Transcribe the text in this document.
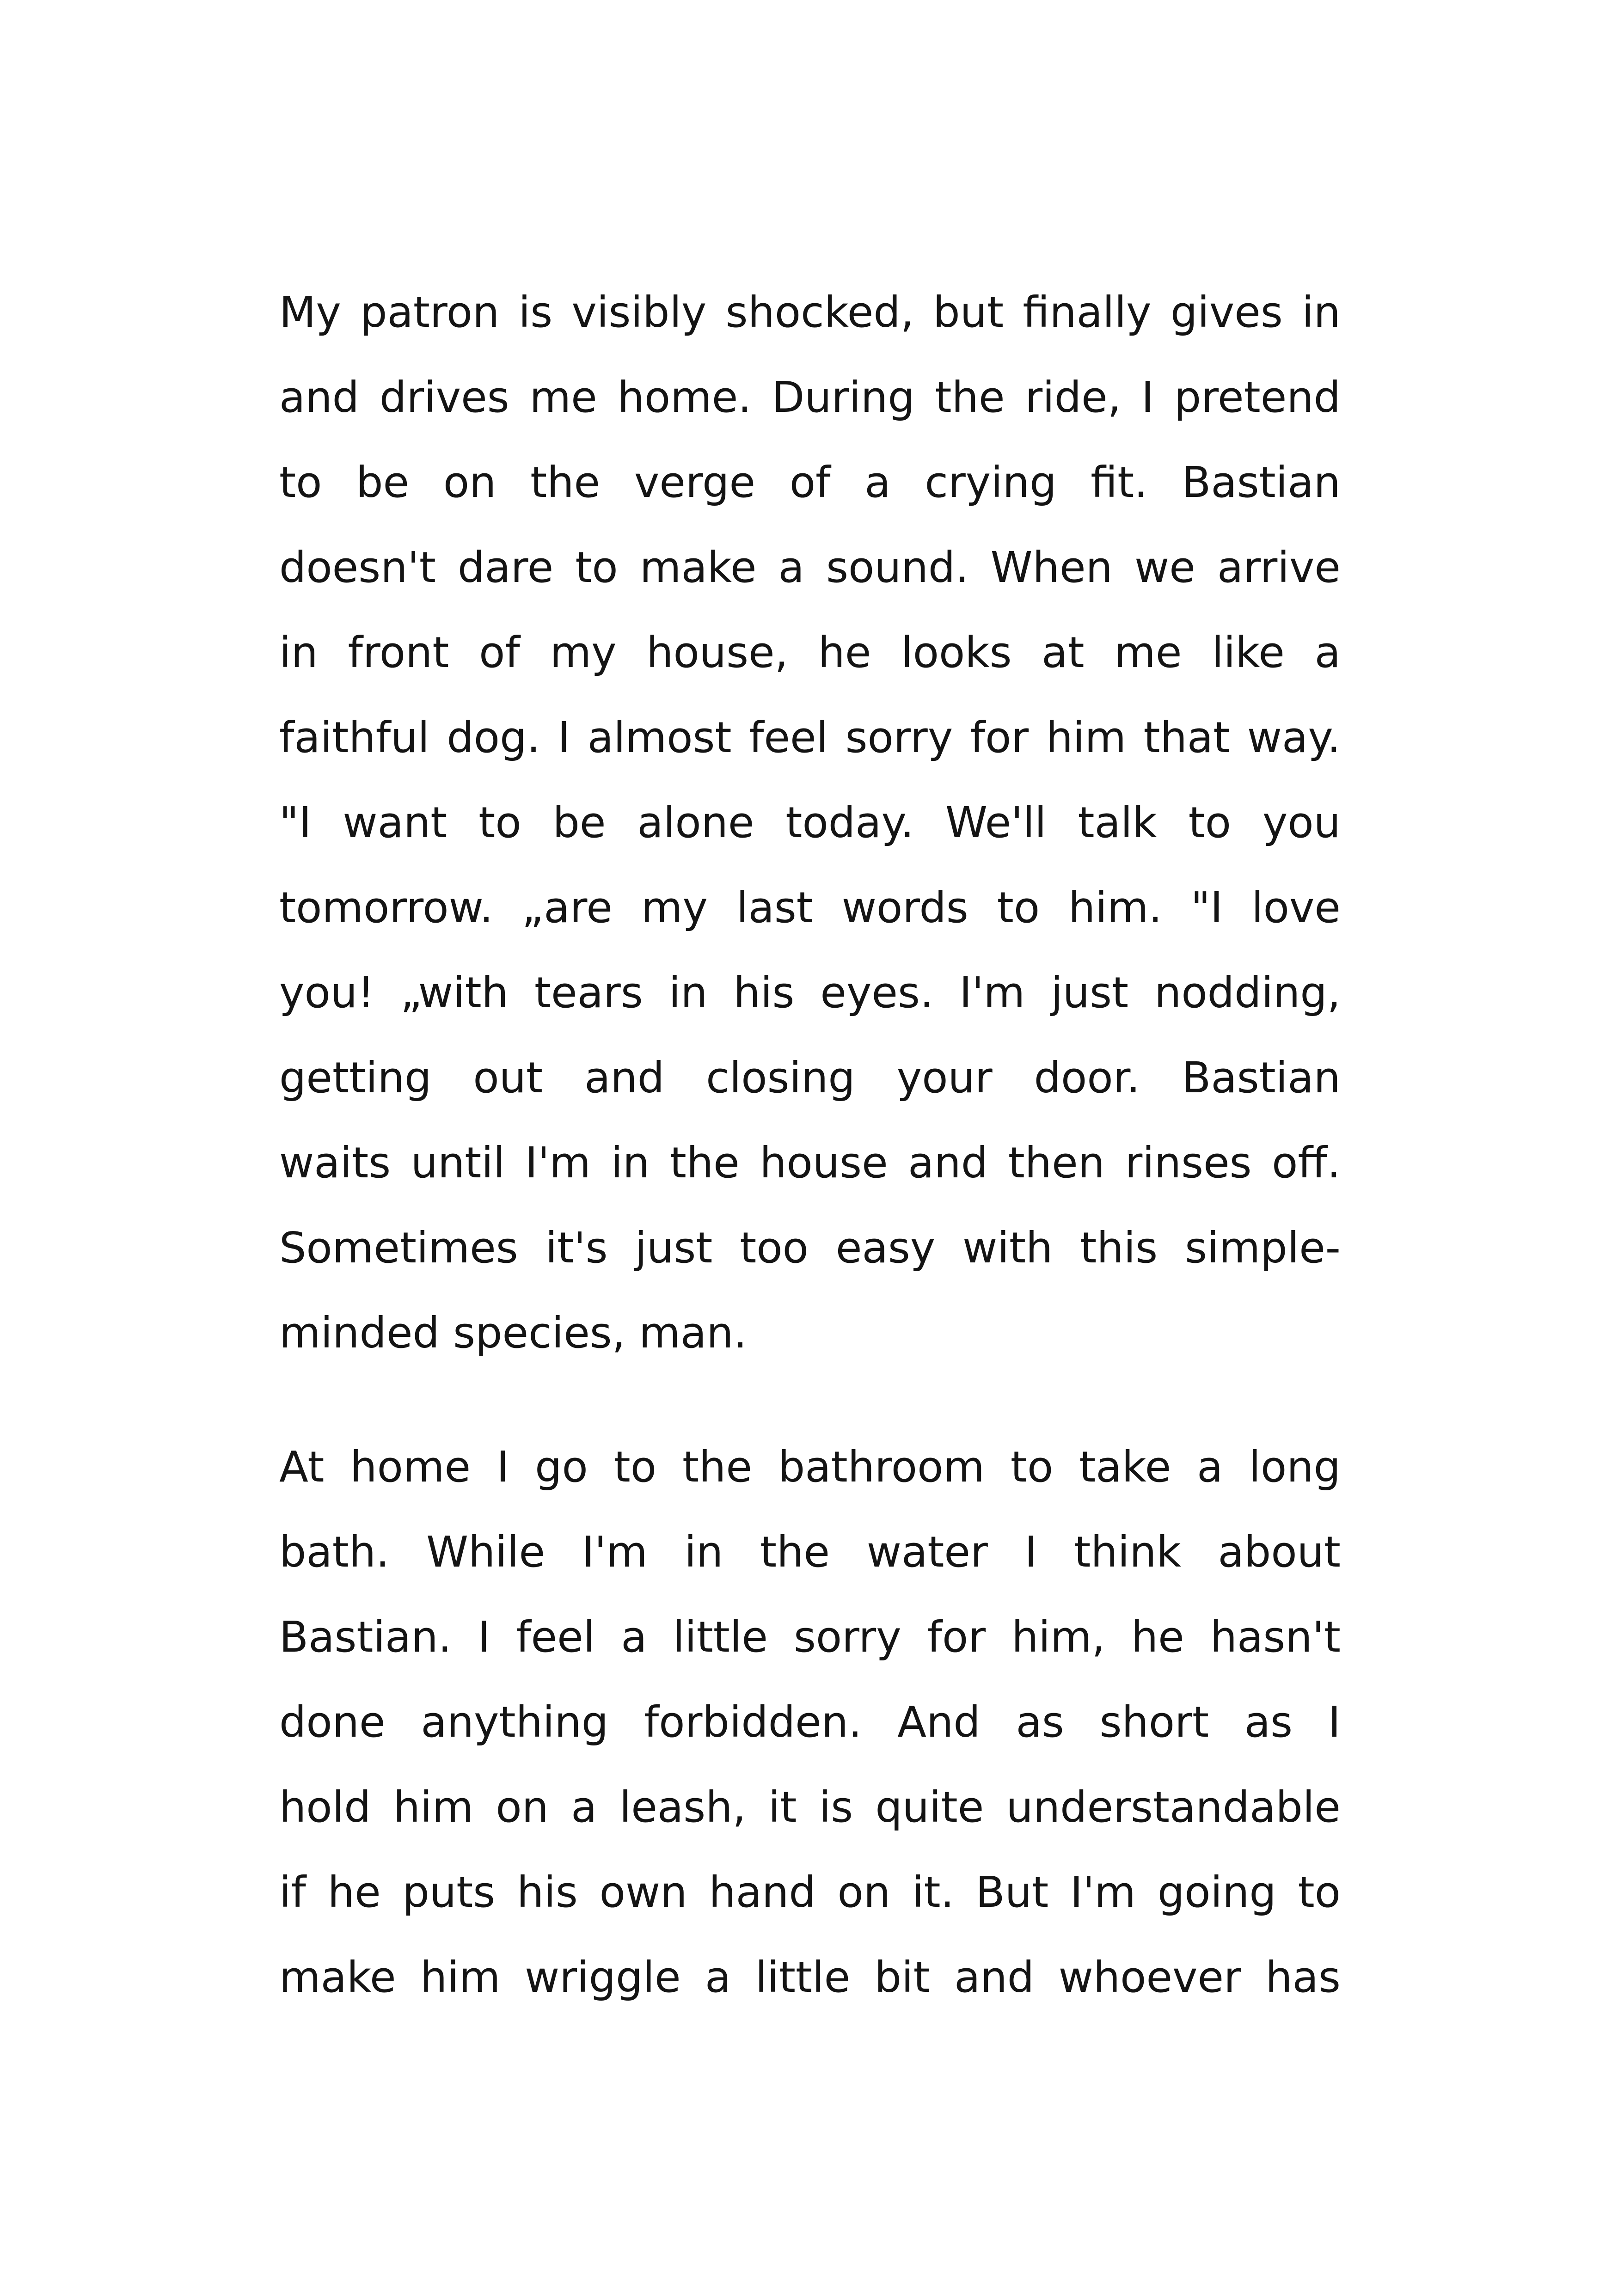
My patron is visibly shocked, but finally gives in
and drives me home. During the ride, I pretend
to be on the verge of a crying fit. Bastian
doesn't dare to make a sound. When we arrive
in front of my house, he looks at me like a
faithful dog. I almost feel sorry for him that way.
"I want to be alone today. We'll talk to you
tomorrow. „are my last words to him. "I love
you! „with tears in his eyes. I'm just nodding,
getting out and closing your door. Bastian
waits until I'm in the house and then rinses off.
Sometimes it's just too easy with this simple-
minded species, man.
At home I go to the bathroom to take a long
bath. While I'm in the water I think about
Bastian. I feel a little sorry for him, he hasn't
done anything forbidden. And as short as I
hold him on a leash, it is quite understandable
if he puts his own hand on it. But I'm going to
make him wriggle a little bit and whoever has
